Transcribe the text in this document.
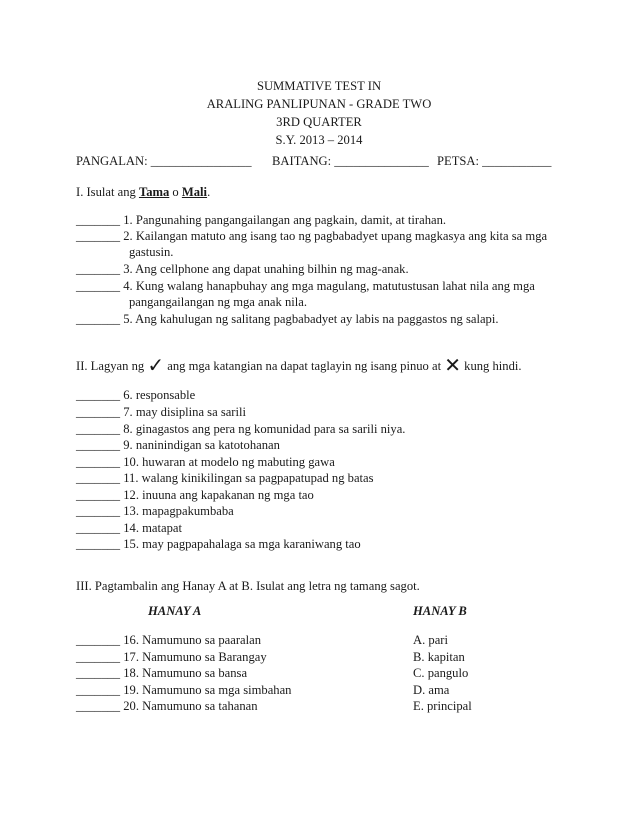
SUMMATIVE TEST IN
ARALING PANLIPUNAN - GRADE TWO
3RD QUARTER
S.Y. 2013 – 2014
PANGALAN: ________________ BAITANG: _______________ PETSA: ___________
I. Isulat ang Tama o Mali.
_______ 1. Pangunahing pangangailangan ang pagkain, damit, at tirahan.
_______ 2. Kailangan matuto ang isang tao ng pagbabadyet upang magkasya ang kita sa mga
gastusin.
_______ 3. Ang cellphone ang dapat unahing bilhin ng mag-anak.
_______ 4. Kung walang hanapbuhay ang mga magulang, matutustusan lahat nila ang mga
pangangailangan ng mga anak nila.
_______ 5. Ang kahulugan ng salitang pagbabadyet ay labis na paggastos ng salapi.
II. Lagyan ng ✓ ang mga katangian na dapat taglayin ng isang pinuo at ✕ kung hindi.
_______ 6. responsable
_______ 7. may disiplina sa sarili
_______ 8. ginagastos ang pera ng komunidad para sa sarili niya.
_______ 9. naninindigan sa katotohanan
_______ 10. huwaran at modelo ng mabuting gawa
_______ 11. walang kinikilingan sa pagpapatupad ng batas
_______ 12. inuuna ang kapakanan ng mga tao
_______ 13. mapagpakumbaba
_______ 14. matapat
_______ 15. may pagpapahalaga sa mga karaniwang tao
III. Pagtambalin ang Hanay A at B. Isulat ang letra ng tamang sagot.
HANAY A	HANAY B
_______ 16. Namumuno sa paaralan
_______ 17. Namumuno sa Barangay
_______ 18. Namumuno sa bansa
_______ 19. Namumuno sa mga simbahan
_______ 20. Namumuno sa tahanan
A. pari
B. kapitan
C. pangulo
D. ama
E. principal
